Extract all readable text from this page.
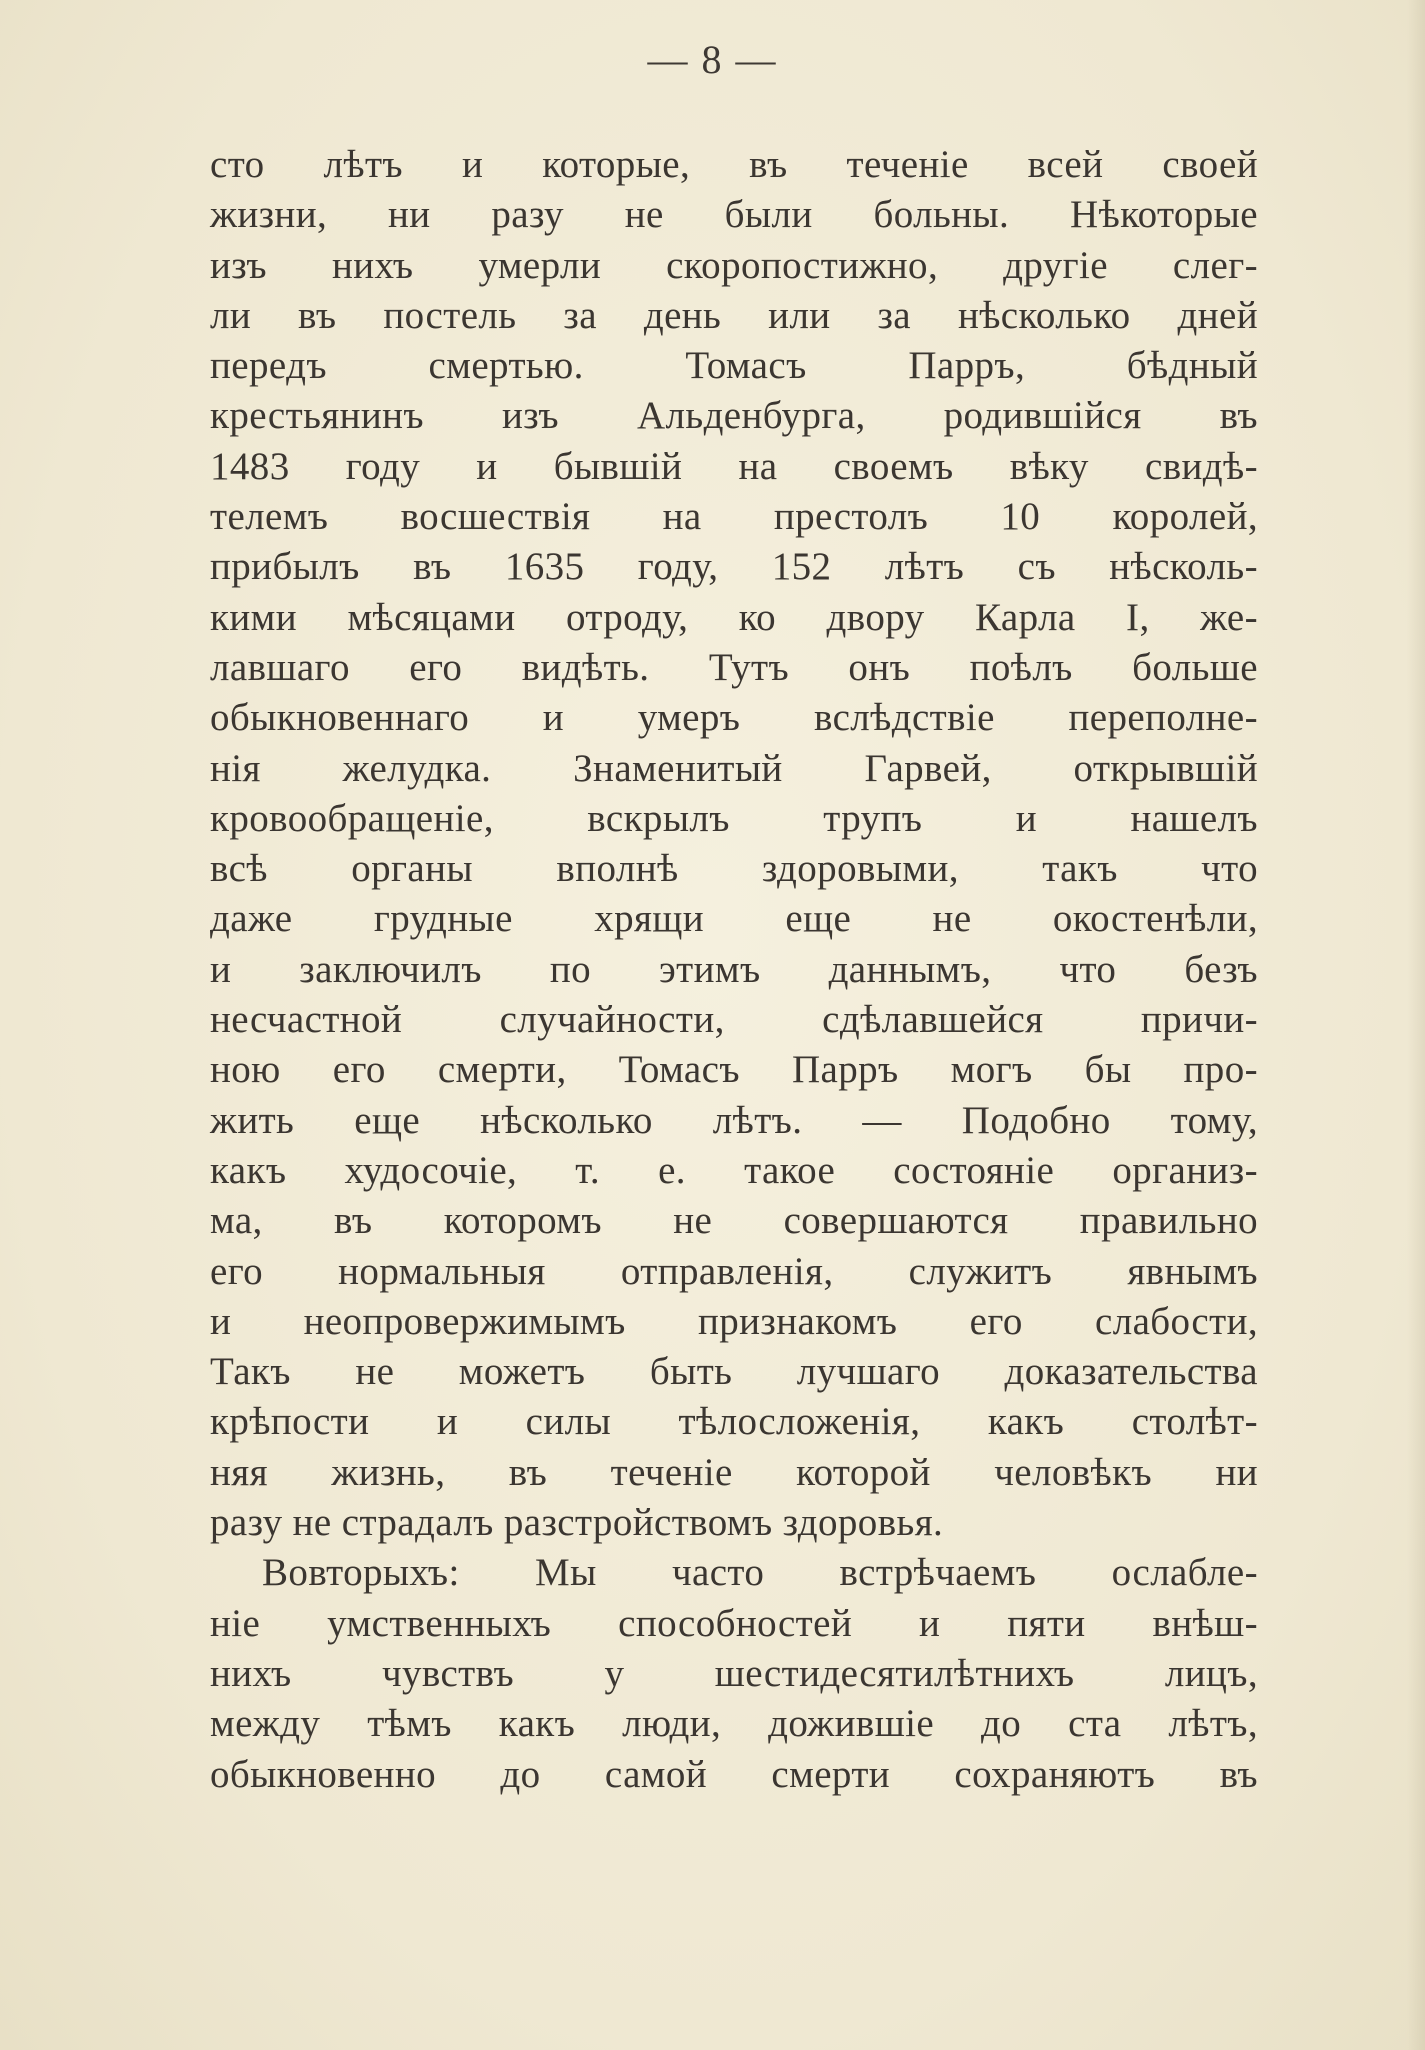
— 8 —
сто лѣтъ и которые, въ теченіе всей своей
жизни, ни разу не были больны. Нѣкоторые
изъ нихъ умерли скоропостижно, другіе слег-
ли въ постель за день или за нѣсколько дней
передъ смертью. Томасъ Парръ, бѣдный
крестьянинъ изъ Альденбурга, родившійся въ
1483 году и бывшій на своемъ вѣку свидѣ-
телемъ восшествія на престолъ 10 королей,
прибылъ въ 1635 году, 152 лѣтъ съ нѣсколь-
кими мѣсяцами отроду, ко двору Карла I, же-
лавшаго его видѣть. Тутъ онъ поѣлъ больше
обыкновеннаго и умеръ вслѣдствіе переполне-
нія желудка. Знаменитый Гарвей, открывшій
кровообращеніе, вскрылъ трупъ и нашелъ
всѣ органы вполнѣ здоровыми, такъ что
даже грудные хрящи еще не окостенѣли,
и заключилъ по этимъ даннымъ, что безъ
несчастной случайности, сдѣлавшейся причи-
ною его смерти, Томасъ Парръ могъ бы про-
жить еще нѣсколько лѣтъ. — Подобно тому,
какъ худосочіе, т. е. такое состояніе организ-
ма, въ которомъ не совершаются правильно
его нормальныя отправленія, служитъ явнымъ
и неопровержимымъ признакомъ его слабости,
Такъ не можетъ быть лучшаго доказательства
крѣпости и силы тѣлосложенія, какъ столѣт-
няя жизнь, въ теченіе которой человѣкъ ни
разу не страдалъ разстройствомъ здоровья.
Вовторыхъ: Мы часто встрѣчаемъ ослабле-
ніе умственныхъ способностей и пяти внѣш-
нихъ чувствъ у шестидесятилѣтнихъ лицъ,
между тѣмъ какъ люди, дожившіе до ста лѣтъ,
обыкновенно до самой смерти сохраняютъ въ
